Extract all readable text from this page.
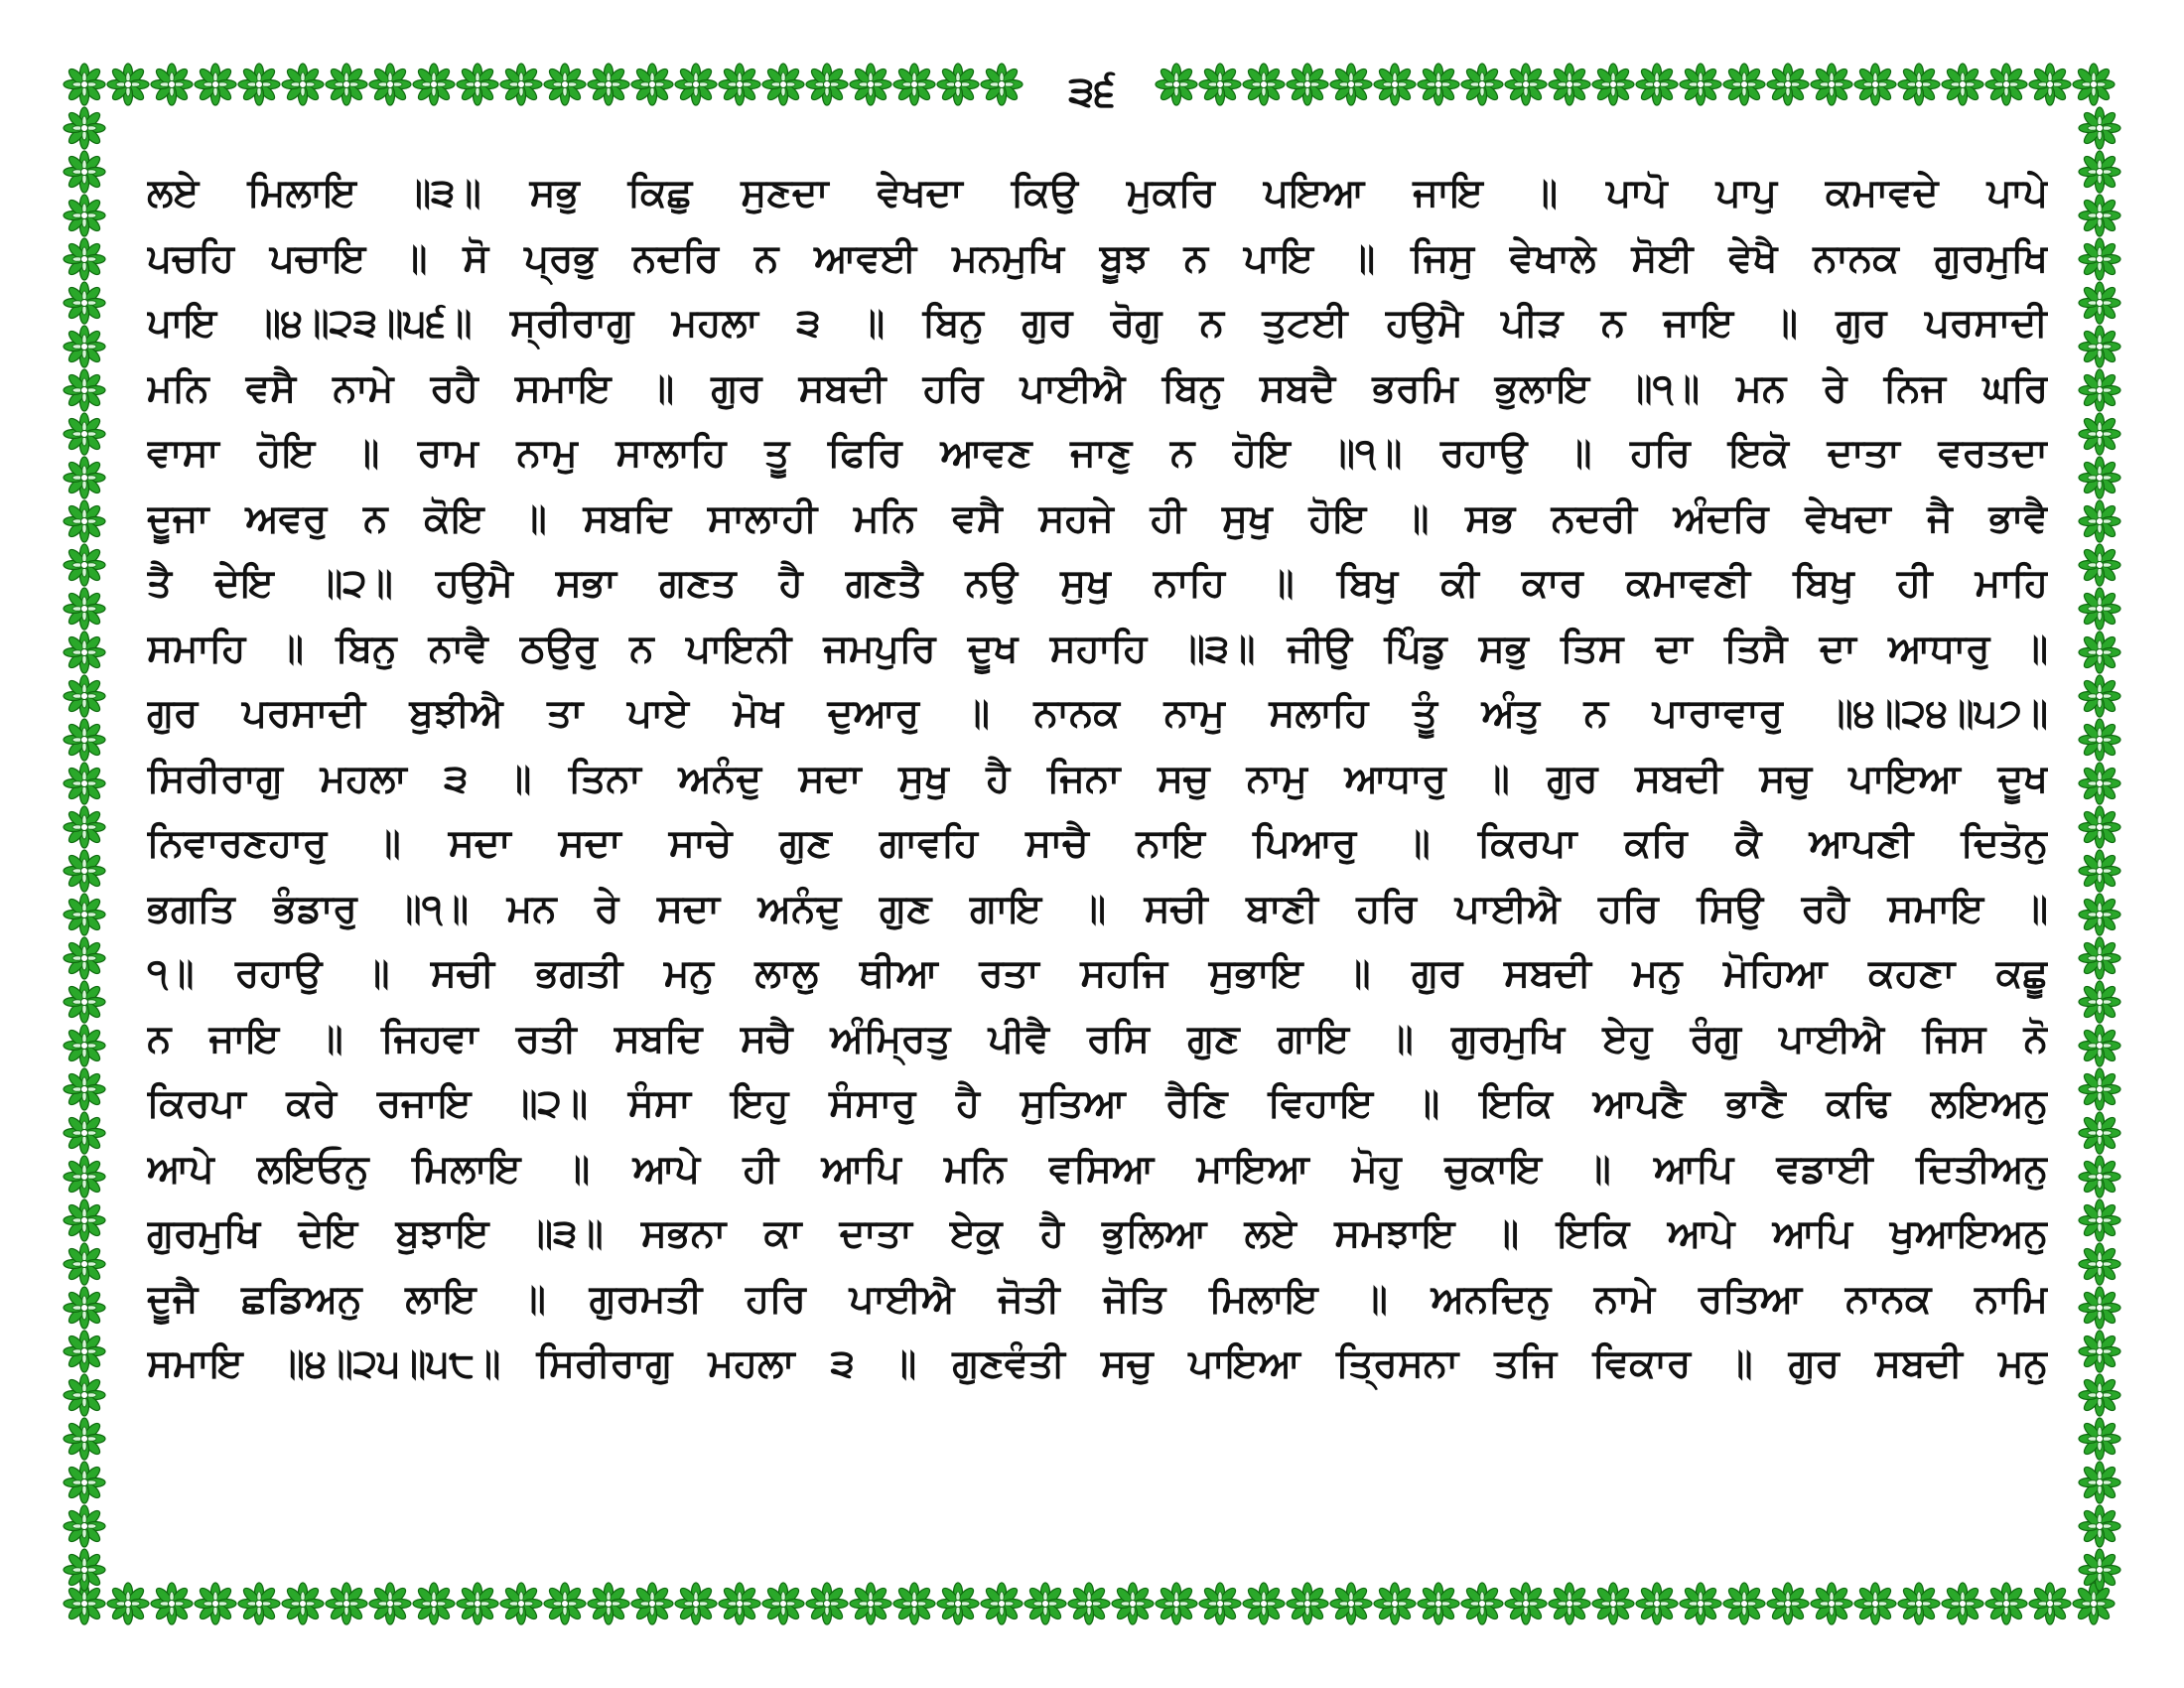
੩੬
ਲਏ ਮਿਲਾਇ ॥੩॥ ਸਭੁ ਕਿਛੁ ਸੁਣਦਾ ਵੇਖਦਾ ਕਿਉ ਮੁਕਰਿ ਪਇਆ ਜਾਇ ॥ ਪਾਪੋ ਪਾਪੁ ਕਮਾਵਦੇ ਪਾਪੇ
ਪਚਹਿ ਪਚਾਇ ॥ ਸੋ ਪ੍ਰਭੁ ਨਦਰਿ ਨ ਆਵਈ ਮਨਮੁਖਿ ਬੂਝ ਨ ਪਾਇ ॥ ਜਿਸੁ ਵੇਖਾਲੇ ਸੋਈ ਵੇਖੈ ਨਾਨਕ ਗੁਰਮੁਖਿ
ਪਾਇ ॥੪॥੨੩॥੫੬॥ ਸ੍ਰੀਰਾਗੁ ਮਹਲਾ ੩ ॥ ਬਿਨੁ ਗੁਰ ਰੋਗੁ ਨ ਤੁਟਈ ਹਉਮੈ ਪੀੜ ਨ ਜਾਇ ॥ ਗੁਰ ਪਰਸਾਦੀ
ਮਨਿ ਵਸੈ ਨਾਮੇ ਰਹੈ ਸਮਾਇ ॥ ਗੁਰ ਸਬਦੀ ਹਰਿ ਪਾਈਐ ਬਿਨੁ ਸਬਦੈ ਭਰਮਿ ਭੁਲਾਇ ॥੧॥ ਮਨ ਰੇ ਨਿਜ ਘਰਿ
ਵਾਸਾ ਹੋਇ ॥ ਰਾਮ ਨਾਮੁ ਸਾਲਾਹਿ ਤੂ ਫਿਰਿ ਆਵਣ ਜਾਣੁ ਨ ਹੋਇ ॥੧॥ ਰਹਾਉ ॥ ਹਰਿ ਇਕੋ ਦਾਤਾ ਵਰਤਦਾ
ਦੂਜਾ ਅਵਰੁ ਨ ਕੋਇ ॥ ਸਬਦਿ ਸਾਲਾਹੀ ਮਨਿ ਵਸੈ ਸਹਜੇ ਹੀ ਸੁਖੁ ਹੋਇ ॥ ਸਭ ਨਦਰੀ ਅੰਦਰਿ ਵੇਖਦਾ ਜੈ ਭਾਵੈ
ਤੈ ਦੇਇ ॥੨॥ ਹਉਮੈ ਸਭਾ ਗਣਤ ਹੈ ਗਣਤੈ ਨਉ ਸੁਖੁ ਨਾਹਿ ॥ ਬਿਖੁ ਕੀ ਕਾਰ ਕਮਾਵਣੀ ਬਿਖੁ ਹੀ ਮਾਹਿ
ਸਮਾਹਿ ॥ ਬਿਨੁ ਨਾਵੈ ਠਉਰੁ ਨ ਪਾਇਨੀ ਜਮਪੁਰਿ ਦੂਖ ਸਹਾਹਿ ॥੩॥ ਜੀਉ ਪਿੰਡੁ ਸਭੁ ਤਿਸ ਦਾ ਤਿਸੈ ਦਾ ਆਧਾਰੁ ॥
ਗੁਰ ਪਰਸਾਦੀ ਬੁਝੀਐ ਤਾ ਪਾਏ ਮੋਖ ਦੁਆਰੁ ॥ ਨਾਨਕ ਨਾਮੁ ਸਲਾਹਿ ਤੂੰ ਅੰਤੁ ਨ ਪਾਰਾਵਾਰੁ ॥੪॥੨੪॥੫੭॥
ਸਿਰੀਰਾਗੁ ਮਹਲਾ ੩ ॥ ਤਿਨਾ ਅਨੰਦੁ ਸਦਾ ਸੁਖੁ ਹੈ ਜਿਨਾ ਸਚੁ ਨਾਮੁ ਆਧਾਰੁ ॥ ਗੁਰ ਸਬਦੀ ਸਚੁ ਪਾਇਆ ਦੂਖ
ਨਿਵਾਰਣਹਾਰੁ ॥ ਸਦਾ ਸਦਾ ਸਾਚੇ ਗੁਣ ਗਾਵਹਿ ਸਾਚੈ ਨਾਇ ਪਿਆਰੁ ॥ ਕਿਰਪਾ ਕਰਿ ਕੈ ਆਪਣੀ ਦਿਤੋਨੁ
ਭਗਤਿ ਭੰਡਾਰੁ ॥੧॥ ਮਨ ਰੇ ਸਦਾ ਅਨੰਦੁ ਗੁਣ ਗਾਇ ॥ ਸਚੀ ਬਾਣੀ ਹਰਿ ਪਾਈਐ ਹਰਿ ਸਿਉ ਰਹੈ ਸਮਾਇ ॥
੧॥ ਰਹਾਉ ॥ ਸਚੀ ਭਗਤੀ ਮਨੁ ਲਾਲੁ ਥੀਆ ਰਤਾ ਸਹਜਿ ਸੁਭਾਇ ॥ ਗੁਰ ਸਬਦੀ ਮਨੁ ਮੋਹਿਆ ਕਹਣਾ ਕਛੂ
ਨ ਜਾਇ ॥ ਜਿਹਵਾ ਰਤੀ ਸਬਦਿ ਸਚੈ ਅੰਮ੍ਰਿਤੁ ਪੀਵੈ ਰਸਿ ਗੁਣ ਗਾਇ ॥ ਗੁਰਮੁਖਿ ਏਹੁ ਰੰਗੁ ਪਾਈਐ ਜਿਸ ਨੋ
ਕਿਰਪਾ ਕਰੇ ਰਜਾਇ ॥੨॥ ਸੰਸਾ ਇਹੁ ਸੰਸਾਰੁ ਹੈ ਸੁਤਿਆ ਰੈਣਿ ਵਿਹਾਇ ॥ ਇਕਿ ਆਪਣੈ ਭਾਣੈ ਕਢਿ ਲਇਅਨੁ
ਆਪੇ ਲਇਓਨੁ ਮਿਲਾਇ ॥ ਆਪੇ ਹੀ ਆਪਿ ਮਨਿ ਵਸਿਆ ਮਾਇਆ ਮੋਹੁ ਚੁਕਾਇ ॥ ਆਪਿ ਵਡਾਈ ਦਿਤੀਅਨੁ
ਗੁਰਮੁਖਿ ਦੇਇ ਬੁਝਾਇ ॥੩॥ ਸਭਨਾ ਕਾ ਦਾਤਾ ਏਕੁ ਹੈ ਭੁਲਿਆ ਲਏ ਸਮਝਾਇ ॥ ਇਕਿ ਆਪੇ ਆਪਿ ਖੁਆਇਅਨੁ
ਦੂਜੈ ਛਡਿਅਨੁ ਲਾਇ ॥ ਗੁਰਮਤੀ ਹਰਿ ਪਾਈਐ ਜੋਤੀ ਜੋਤਿ ਮਿਲਾਇ ॥ ਅਨਦਿਨੁ ਨਾਮੇ ਰਤਿਆ ਨਾਨਕ ਨਾਮਿ
ਸਮਾਇ ॥੪॥੨੫॥੫੮॥ ਸਿਰੀਰਾਗੁ ਮਹਲਾ ੩ ॥ ਗੁਣਵੰਤੀ ਸਚੁ ਪਾਇਆ ਤ੍ਰਿਸਨਾ ਤਜਿ ਵਿਕਾਰ ॥ ਗੁਰ ਸਬਦੀ ਮਨੁ
